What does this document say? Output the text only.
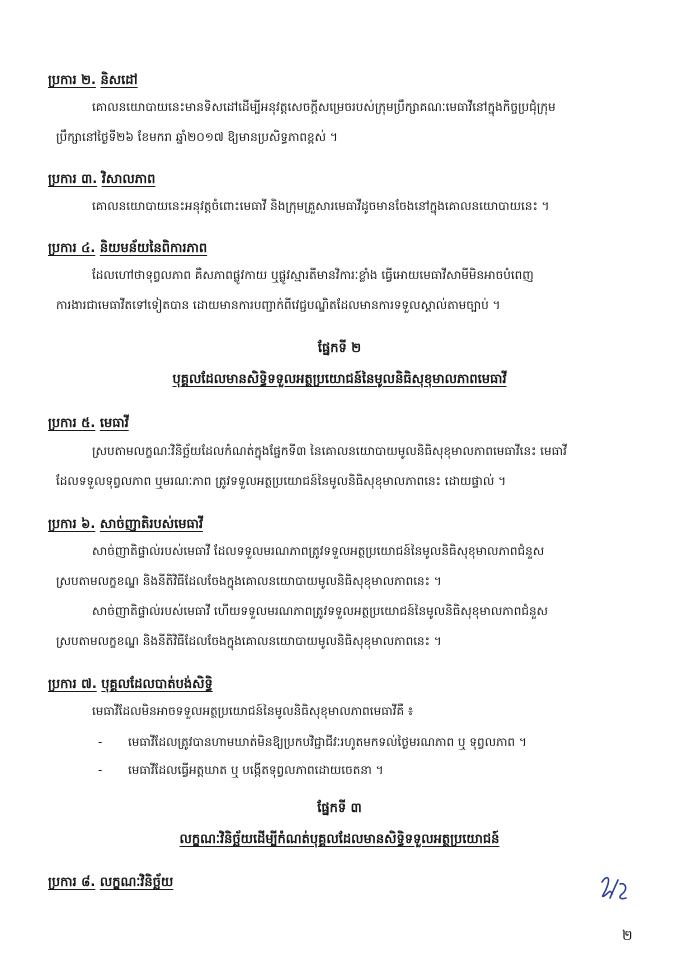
ប្រការ ២. និសដៅ
គោលនយោបាយនេះមានទិសដៅដើម្បីអនុវត្តសេចក្តីសម្រេចរបស់ក្រុមប្រឹក្សាគណៈមេធាវីនៅក្នុងកិច្ចប្រជុំក្រុម
ប្រឹក្សានៅថ្ងៃទី២៦ ខែមករា ឆ្នាំ២០១៧ ឱ្យមានប្រសិទ្ធភាពខ្ពស់ ។
ប្រការ ៣. វិសាលភាព
គោលនយោបាយនេះអនុវត្តចំពោះមេធាវី និងក្រុមគ្រួសារមេធាវីដូចមានចែងនៅក្នុងគោលនយោបាយនេះ ។
ប្រការ ៤. និយមន័យនៃពិការភាព
ដែលហៅថាទុព្វលភាព គឺសភាពផ្លូវកាយ ឬផ្លូវស្មារតីមានវិការៈខ្លាំង ធ្វើអោយមេធាវីសាមីមិនអាចបំពេញ
ការងារជាមេធាវីតទៅទៀតបាន ដោយមានការបញ្ជាក់ពីវេជ្ជបណ្ឌិតដែលមានការទទួលស្គាល់តាមច្បាប់ ។
ផ្នែកទី ២
បុគ្គលដែលមានសិទ្ធិទទួលអត្ថប្រយោជន៍នៃមូលនិធិសុខុមាលភាពមេធាវី
ប្រការ ៥. មេធាវី
ស្របតាមលក្ខណៈវិនិច្ឆ័យដែលកំណត់ក្នុងផ្នែកទី៣ នៃគោលនយោបាយមូលនិធិសុខុមាលភាពមេធាវីនេះ មេធាវី
ដែលទទួលទុព្វលភាព ឬមរណៈភាព ត្រូវទទួលអត្ថប្រយោជន៍នៃមូលនិធិសុខុមាលភាពនេះ ដោយផ្ទាល់ ។
ប្រការ ៦. សាច់ញាតិរបស់មេធាវី
សាច់ញាតិផ្ទាល់របស់មេធាវី ដែលទទួលមរណភាពត្រូវទទួលអត្ថប្រយោជន៍នៃមូលនិធិសុខុមាលភាពជំនួស
ស្របតាមលក្ខខណ្ឌ និងនីតិវិធីដែលចែងក្នុងគោលនយោបាយមូលនិធិសុខុមាលភាពនេះ ។
សាច់ញាតិផ្ទាល់របស់មេធាវី ហើយទទួលមរណភាពត្រូវទទួលអត្ថប្រយោជន៍នៃមូលនិធិសុខុមាលភាពជំនួស
ស្របតាមលក្ខខណ្ឌ និងនីតិវិធីដែលចែងក្នុងគោលនយោបាយមូលនិធិសុខុមាលភាពនេះ ។
ប្រការ ៧. បុគ្គលដែលបាត់បង់សិទ្ធិ
មេធាវីដែលមិនអាចទទួលអត្ថប្រយោជន៍នៃមូលនិធិសុខុមាលភាពមេធាវីគឺ ៖
- មេធាវីដែលត្រូវបានហាមឃាត់មិនឱ្យប្រកបវិជ្ជាជីវៈរហូតមកទល់ថ្ងៃមរណភាព ឬ ទុព្វលភាព ។
- មេធាវីដែលធ្វើអត្តឃាត ឬ បង្កើតទុព្វលភាពដោយចេតនា ។
ផ្នែកទី ៣
លក្ខណៈវិនិច្ឆ័យដើម្បីកំណត់បុគ្គលដែលមានសិទ្ធិទទួលអត្ថប្រយោជន៍
ប្រការ ៨. លក្ខណៈវិនិច្ឆ័យ
២
